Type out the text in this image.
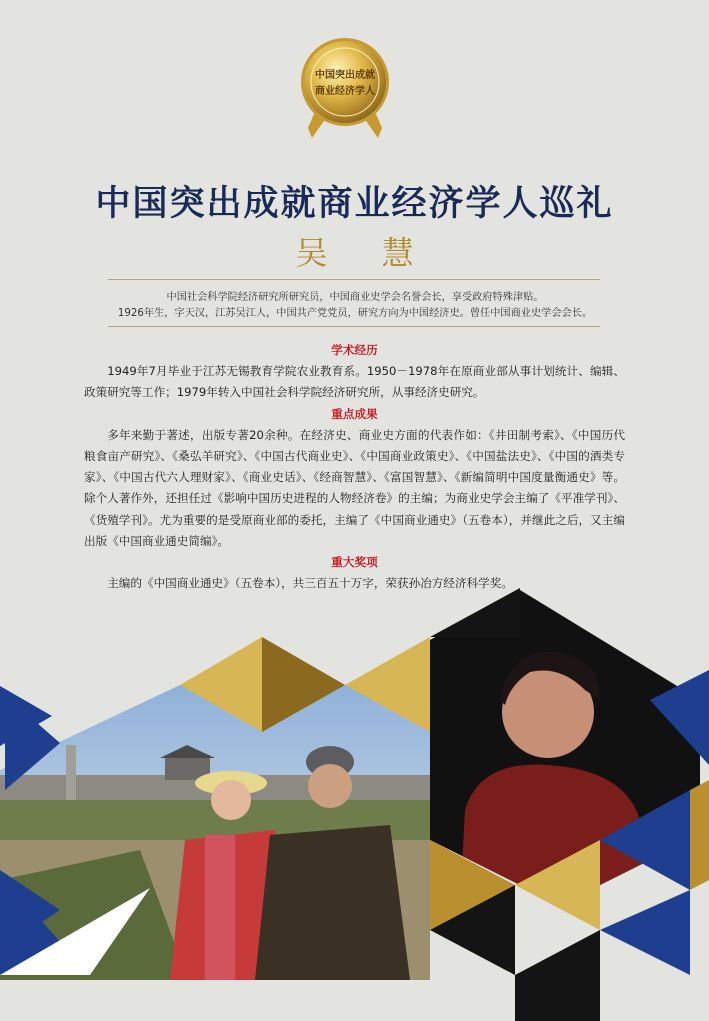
中国突出成就
商业经济学人
中国突出成就商业经济学人巡礼
吴 慧
中国社会科学院经济研究所研究员，中国商业史学会名誉会长，享受政府特殊津贴。
1926年生，字天汉，江苏吴江人，中国共产党党员，研究方向为中国经济史。曾任中国商业史学会会长。
学术经历

1949年7月毕业于江苏无锡教育学院农业教育系。1950－1978年在原商业部从事计划统计、编辑、政策研究等工作；1979年转入中国社会科学院经济研究所，从事经济史研究。

重点成果

多年来勤于著述，出版专著20余种。在经济史、商业史方面的代表作如：《井田制考索》、《中国历代粮食亩产研究》、《桑弘羊研究》、《中国古代商业史》、《中国商业政策史》、《中国盐法史》、《中国的酒类专家》、《中国古代六人理财家》、《商业史话》、《经商智慧》、《富国智慧》、《新编简明中国度量衡通史》等。除个人著作外，还担任过《影响中国历史进程的人物经济卷》的主编；为商业史学会主编了《平准学刊》、《货殖学刊》。尤为重要的是受原商业部的委托，主编了《中国商业通史》（五卷本），并继此之后，又主编出版《中国商业通史简编》。

重大奖项

主编的《中国商业通史》（五卷本），共三百五十万字，荣获孙冶方经济科学奖。
